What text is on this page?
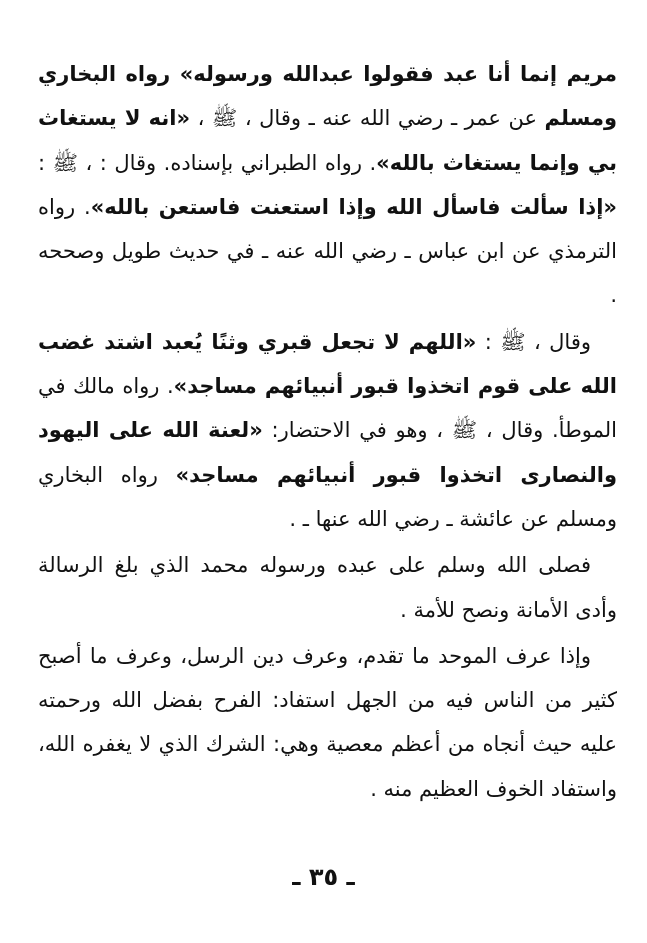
مريم إنما أنا عبد فقولوا عبدالله ورسوله» رواه البخاري ومسلم عن عمر ـ رضي الله عنه ـ وقال ، ﷺ ، «انه لا يستغاث بي وإنما يستغاث بالله». رواه الطبراني بإسناده. وقال : ، ﷺ : «إذا سألت فاسأل الله وإذا استعنت فاستعن بالله». رواه الترمذي عن ابن عباس ـ رضي الله عنه ـ في حديث طويل وصححه .

وقال ، ﷺ : «اللهم لا تجعل قبري وثنًا يُعبد اشتد غضب الله على قوم اتخذوا قبور أنبيائهم مساجد». رواه مالك في الموطأ. وقال ، ﷺ ، وهو في الاحتضار: «لعنة الله على اليهود والنصارى اتخذوا قبور أنبيائهم مساجد» رواه البخاري ومسلم عن عائشة ـ رضي الله عنها ـ .

فصلى الله وسلم على عبده ورسوله محمد الذي بلغ الرسالة وأدى الأمانة ونصح للأمة .

وإذا عرف الموحد ما تقدم، وعرف دين الرسل، وعرف ما أصبح كثير من الناس فيه من الجهل استفاد: الفرح بفضل الله ورحمته عليه حيث أنجاه من أعظم معصية وهي: الشرك الذي لا يغفره الله، واستفاد الخوف العظيم منه .

ـ ٣٥ ـ
